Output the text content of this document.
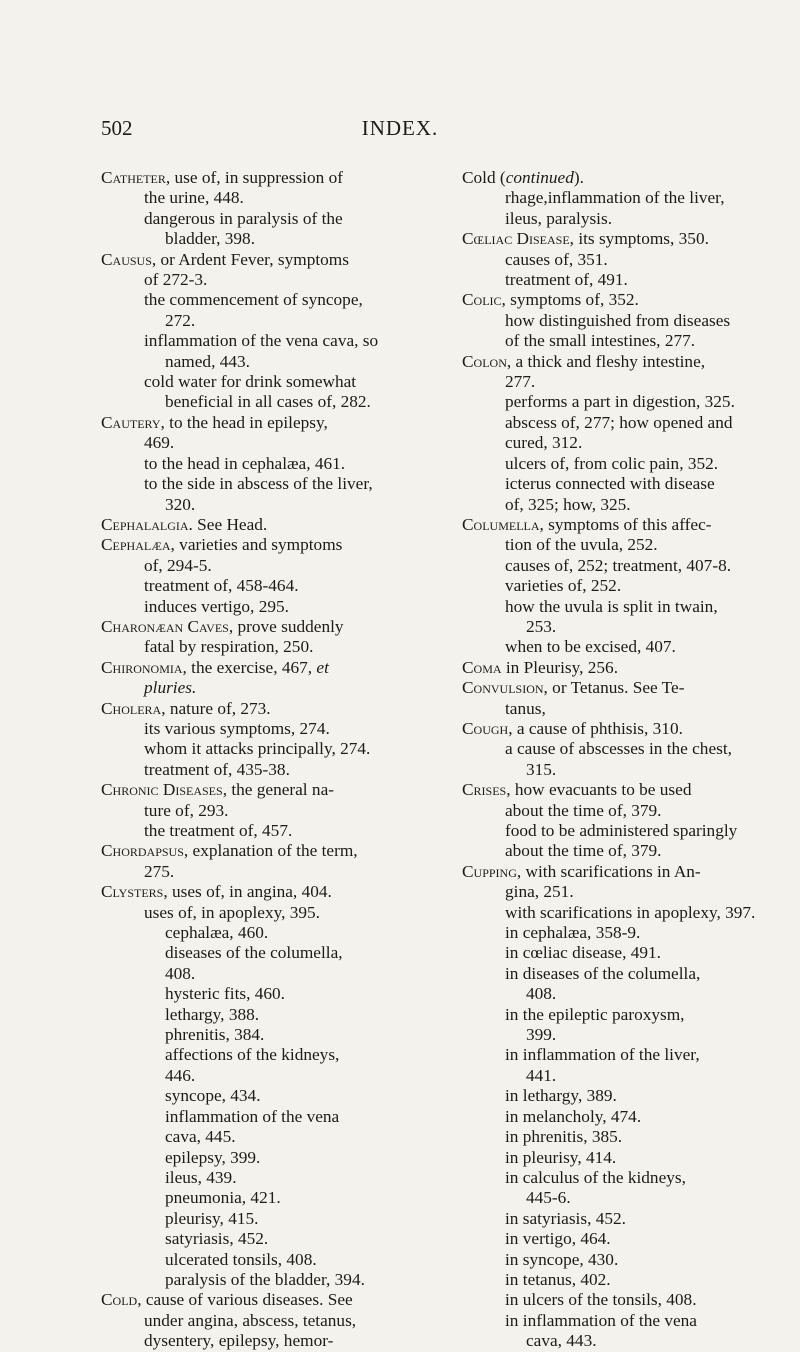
502	INDEX.
Catheter, use of, in suppression of
the urine, 448.
dangerous in paralysis of the
bladder, 398.
Causus, or Ardent Fever, symptoms
of 272-3.
the commencement of syncope,
272.
inflammation of the vena cava, so
named, 443.
cold water for drink somewhat
beneficial in all cases of, 282.
Cautery, to the head in epilepsy,
469.
to the head in cephalæa, 461.
to the side in abscess of the liver,
320.
Cephalalgia. See Head.
Cephalæa, varieties and symptoms
of, 294-5.
treatment of, 458-464.
induces vertigo, 295.
Charonæan Caves, prove suddenly
fatal by respiration, 250.
Chironomia, the exercise, 467, et
pluries.
Cholera, nature of, 273.
its various symptoms, 274.
whom it attacks principally, 274.
treatment of, 435-38.
Chronic Diseases, the general na-
ture of, 293.
the treatment of, 457.
Chordapsus, explanation of the term,
275.
Clysters, uses of, in angina, 404.
uses of, in apoplexy, 395.
cephalæa, 460.
diseases of the columella,
408.
hysteric fits, 460.
lethargy, 388.
phrenitis, 384.
affections of the kidneys,
446.
syncope, 434.
inflammation of the vena
cava, 445.
epilepsy, 399.
ileus, 439.
pneumonia, 421.
pleurisy, 415.
satyriasis, 452.
ulcerated tonsils, 408.
paralysis of the bladder, 394.
Cold, cause of various diseases. See
under angina, abscess, tetanus,
dysentery, epilepsy, hemor-
Cold (continued).
rhage,inflammation of the liver,
ileus, paralysis.
Cœliac Disease, its symptoms, 350.
causes of, 351.
treatment of, 491.
Colic, symptoms of, 352.
how distinguished from diseases
of the small intestines, 277.
Colon, a thick and fleshy intestine,
277.
performs a part in digestion, 325.
abscess of, 277; how opened and
cured, 312.
ulcers of, from colic pain, 352.
icterus connected with disease
of, 325; how, 325.
Columella, symptoms of this affec-
tion of the uvula, 252.
causes of, 252; treatment, 407-8.
varieties of, 252.
how the uvula is split in twain,
253.
when to be excised, 407.
Coma in Pleurisy, 256.
Convulsion, or Tetanus. See Te-
tanus,
Cough, a cause of phthisis, 310.
a cause of abscesses in the chest,
315.
Crises, how evacuants to be used
about the time of, 379.
food to be administered sparingly
about the time of, 379.
Cupping, with scarifications in An-
gina, 251.
with scarifications in apoplexy, 397.
in cephalæa, 358-9.
in cœliac disease, 491.
in diseases of the columella,
408.
in the epileptic paroxysm,
399.
in inflammation of the liver,
441.
in lethargy, 389.
in melancholy, 474.
in phrenitis, 385.
in pleurisy, 414.
in calculus of the kidneys,
445-6.
in satyriasis, 452.
in vertigo, 464.
in syncope, 430.
in tetanus, 402.
in ulcers of the tonsils, 408.
in inflammation of the vena
cava, 443.
